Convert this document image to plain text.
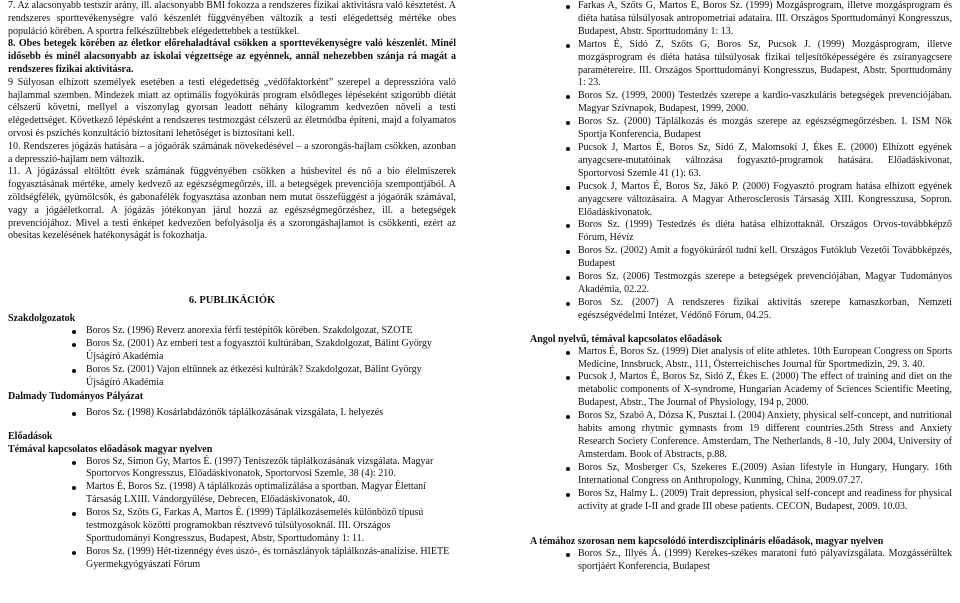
7. Az alacsonyabb testszír arány, ill. alacsonyabb BMI fokozza a rendszeres fizikai aktivitásra való késztetést. A rendszeres sporttevékenységre való készenlét függvényében változik a testi elégedettség mértéke obes populáció körében. A sportra felkészültebbek elégedettebbek a testükkel.

8. Obes betegek körében az életkor előrehaladtával csökken a sporttevékenységre való készenlét. Minél idősebb és minél alacsonyabb az iskolai végzettsége az egyénnek, annál nehezebben szánja rá magát a rendszeres fizikai aktivitásra.

9 Súlyosan elhízott személyek esetében a testi elégedettség „védőfaktorként” szerepel a depresszióra való hajlammal szemben. Mindezek miatt az optimális fogyókúrás program elsődleges lépéseként szigorúbb diétát célszerű követni, mellyel a viszonylag gyorsan leadott néhány kilogramm kedvezően növeli a testi elégedettséget. Következő lépésként a rendszeres testmozgást célszerű az életmódba építeni, majd a folyamatos orvosi és pszichés konzultáció biztosítani lehetőséget is biztosítani kell.

10. Rendszeres jógázás hatására – a jógaórák számának növekedésével – a szorongás-hajlam csökken, azonban a depresszió-hajlam nem változik.

11. A jógázással eltöltött évek számának függvényében csökken a húsbevitel és nő a bio élelmiszerek fogyasztásának mértéke, amely kedvező az egészségmegőrzés, ill. a betegségek prevenciója szempontjából. A zöldségfélék, gyümölcsök, és gabonafélék fogyasztása azonban nem mutat összefüggést a jógaórák számával, vagy a jógáéletkorral. A jógázás jótékonyan járul hozzá az egészségmegőrzéshez, ill. a betegségek prevenciójához. Mivel a testi énképet kedvezően befolyásolja és a szorongáshajlamot is csökkenti, ezért az obesitas kezelésének hatékonyságát is fokozhatja.

6. PUBLIKÁCIÓK
Szakdolgozatok
Boros Sz. (1996) Reverz anorexia férfi testépítők körében. Szakdolgozat, SZOTE
Boros Sz. (2001) Az emberi test a fogyasztói kultúrában, Szakdolgozat, Bálint György Újságíró Akadémia
Boros Sz. (2001) Vajon eltűnnek az étkezési kultúrák? Szakdolgozat, Bálint György Újságíró Akadémia
Dalmady Tudományos Pályázat
Boros Sz. (1998) Kosárlabdázónők táplálkozásának vizsgálata, I. helyezés
Előadások
Témával kapcsolatos előadások magyar nyelven
Boros Sz, Simon Gy, Martos É. (1997) Teniszezők táplálkozásának vizsgálata. Magyar Sportorvos Kongresszus, Előadáskivonatok, Sportorvosi Szemle, 38 (4): 210.
Martos É, Boros Sz. (1998) A táplálkozás optimalizálása a sportban. Magyar Élettani Társaság LXIII. Vándorgyűlése, Debrecen, Előadáskivonatok, 40.
Boros Sz, Szőts G, Farkas A, Martos É. (1999) Táplálkozásemelés különböző típusú testmozgások közötti programokban résztvevő túlsúlyosoknál. III. Országos Sporttudományi Kongresszus, Budapest, Abstr, Sporttudomány 1: 11.
Boros Sz. (1999) Hét-tizennégy éves úszó-, és tornászlányok táplálkozás-analízise. HIETE Gyermekgyógyászati Fórum
Farkas A, Szőts G, Martos É, Boros Sz. (1999) Mozgásprogram, illetve mozgásprogram és diéta hatása túlsúlyosak antropometriai adataira. III. Országos Sporttudományi Kongresszus, Budapest, Abstr. Sporttudomány 1: 13.
Martos É, Sidó Z, Szőts G, Boros Sz, Pucsok J. (1999) Mozgásprogram, illetve mozgásprogram és diéta hatása túlsúlyosak fizikai teljesítőképességére és zsíranyagcsere paramétereire. III. Országos Sporttudományi Kongresszus, Budapest, Abstr. Sporttudomány 1: 23.
Boros Sz. (1999, 2000) Testedzés szerepe a kardio-vaszkuláris betegségek prevenciójában. Magyar Szívnapok, Budapest, 1999, 2000.
Boros Sz. (2000) Táplálkozás és mozgás szerepe az egészségmegőrzésben. I. ISM Nők Sportja Konferencia, Budapest
Pucsok J, Martos É, Boros Sz, Sidó Z, Malomsoki J, Ékes E. (2000) Elhízott egyének anyagcsere-mutatóinak változása fogyasztó-programok hatására. Előadáskivonat, Sportorvosi Szemle 41 (1): 63.
Pucsok J, Martos É, Boros Sz, Jákó P. (2000) Fogyasztó program hatása elhízott egyének anyagcsere változásaira. A Magyar Atherosclerosis Társaság XIII. Kongresszusa, Sopron. Előadáskivonatok.
Boros Sz. (1999) Testedzés és diéta hatása elhízottaknál. Országos Orvos-továbbképző Fórum, Hévíz
Boros Sz. (2002) Amit a fogyókúráról tudni kell. Országos Futóklub Vezetői Továbbképzés, Budapest
Boros Sz. (2006) Testmozgás szerepe a betegségek prevenciójában, Magyar Tudományos Akadémia, 02.22.
Boros Sz. (2007) A rendszeres fizikai aktivitás szerepe kamaszkorban, Nemzeti egészségvédelmi Intézet, Védőnő Fórum, 04.25.
Angol nyelvű, témával kapcsolatos előadások
Martos É, Boros Sz. (1999) Diet analysis of elite athletes. 10th European Congress on Sports Medicine, Innsbruck, Abstr., 111, Österreichisches Journal für Sportmedizin, 29. 3. 40.
Pucsok J, Martos É, Boros Sz, Sidó Z, Ékes E. (2000) The effect of training and diet on the metabolic components of X-syndrome, Hungarian Academy of Sciences Scientific Meeting, Budapest, Abstr., The Journal of Physiology, 194 p, 2000.
Boros Sz, Szabó A, Dózsa K, Pusztai I. (2004) Anxiety, physical self-concept, and nutritional habits among rhytmic gymnasts from 19 different countries.25th Stress and Anxiety Research Society Conference. Amsterdam, The Netherlands, 8 -10, July 2004, University of Amsterdam. Book of Abstracts, p.88.
Boros Sz, Mosberger Cs, Szekeres E.(2009) Asian lifestyle in Hungary, Hungary. 16th International Congress on Anthropology, Kunming, China, 2009.07.27.
Boros Sz, Halmy L. (2009) Trait depression, physical self-concept and readiness for physical activity at grade I-II and grade III obese patients. CECON, Budapest, 2009. 10.03.
A témához szorosan nem kapcsolódó interdiszciplináris előadások, magyar nyelven
Boros Sz., Illyés Á. (1999) Kerekes-székes maratoni futó pályavizsgálata. Mozgássérültek sportjáért Konferencia, Budapest
